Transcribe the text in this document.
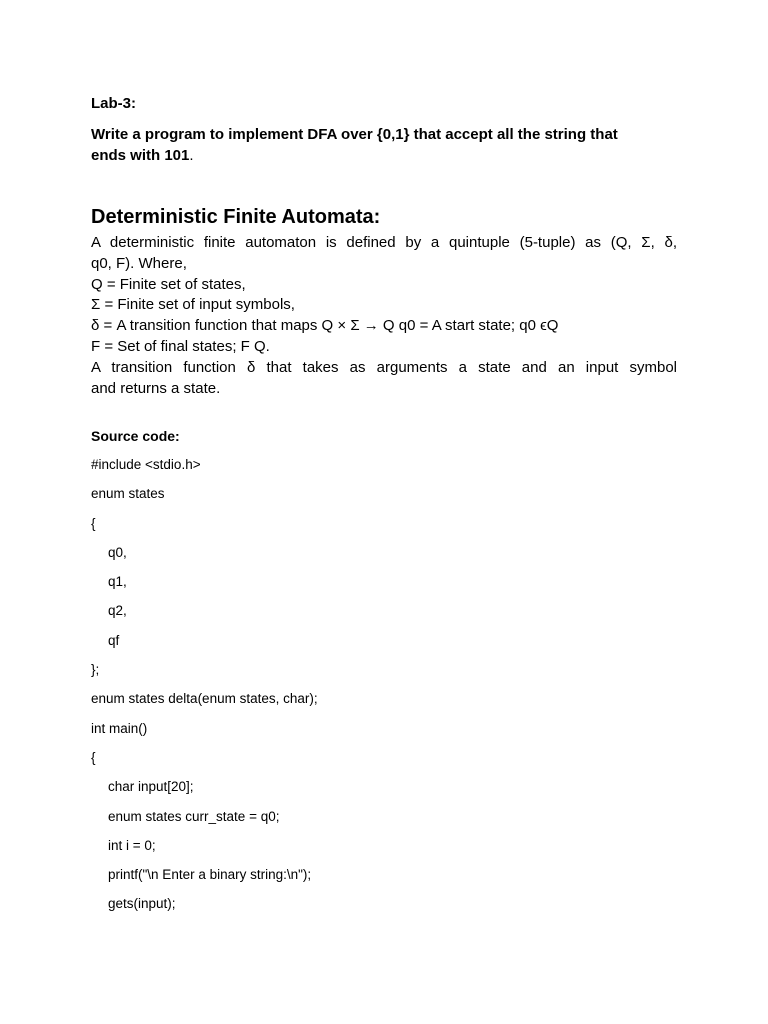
Lab-3:
Write a program to implement DFA over {0,1} that accept all the string that
ends with 101.
Deterministic Finite Automata:

A deterministic finite automaton is defined by a quintuple (5-tuple) as (Q, Σ, δ,

q0, F). Where,

Q = Finite set of states,

Σ = Finite set of input symbols,

δ = A transition function that maps Q × Σ → Q q0 = A start state; q0 ϵQ

F = Set of final states; F Q.

A transition function δ that takes as arguments a state and an input symbol

and returns a state.

Source code:
#include <stdio.h>
enum states
{
q0,
q1,
q2,
qf
};
enum states delta(enum states, char);
int main()
{
char input[20];
enum states curr_state = q0;
int i = 0;
printf("\n Enter a binary string:\n");
gets(input);
